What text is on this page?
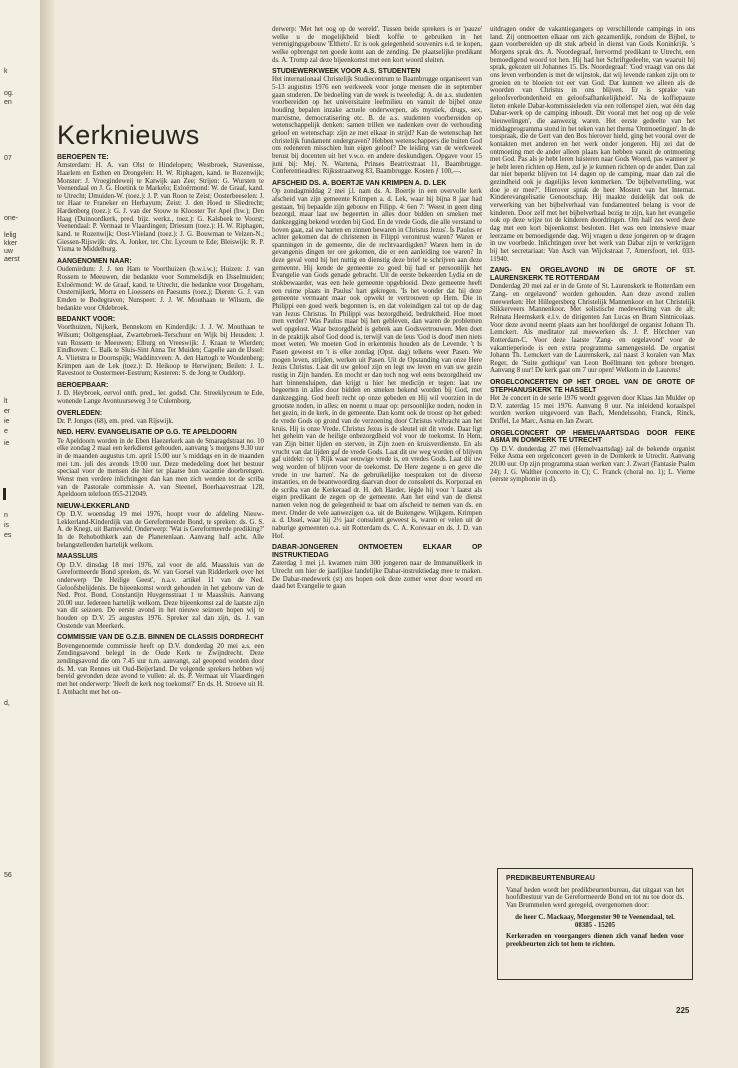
k
og.
en
07
one-
lelig
kker
uw
aerst
lt
er
ie
e
ie
n
is
es
d,
56
Kerknieuws
BEROEPEN TE:

Amsterdam: H. A. van Olst te Hindelopen; Westbroek, Stavenisse, Haarlem en Esthen en Drongelen: H. W. Riphagen, kand. te Rozenwijk; Monster: J. Vroegindeweij te Katwijk aan Zee; Strijen: G. Wursten te Veenendaal en J. G. Hoetink te Markelo; Exloërmond: W. de Graaf, kand. te Utrecht; IJmuiden-W. (toez.): J. P. van Roon te Zeist; Oosterbeeselen: J. ter Haar te Franeker en Herbayum; Zeist: J. den Hoed te Sliedrecht; Hardenberg (toez.): G. J. van der Stouw te Klooster Ter Apel (hw.); Den Haag (Duinoordkerk, pred. bijz. werkz., toez.): G. Kalsbeek te Voorst; Veenendaal: P. Vermaat te Vlaardingen; Driesum (toez.): H. W. Riphagen, kand. te Rozenwijk; Oost-Vlieland (toez.): J. G. Bouwman te Velzen-N.; Giessen-Rijswijk: drs. A. Jonker, ter. Chr. Lyceum te Ede; Bleiswijk: R. P. Yisma te Middelburg.

AANGENOMEN NAAR:

Oudemirdum: J. J. ten Ham te Voorthuizen (b.w.i.w.); Huizen: J. van Rossem te Meeuwen, die bedankte voor Sommelsdijk en IJsselmuiden; Exloërmond: W. de Graaf, kand. te Utrecht, die bedankte voor Drogeham, Oosternijkerk, Morra en Lioessens en Paesums (toez.); Dieren: G. J. van Emden te Bodegraven; Nunspeet: J. J. W. Mouthaan te Wilsum, die bedankte voor Oldebroek.

BEDANKT VOOR:

Voorthuizen, Nijkerk, Bennekom en Kinderdijk: J. J. W. Mouthaan te Wilsum; Ooltgensplaat, Zwartebroek-Terschuur en Wijk bij Heusden: J. van Rossem te Meeuwen; Elburg en Vreeswijk: J. Kraan te Wierden; Eindhoven: C. Balk te Sluis-Sint Anna Ter Muiden; Capelle aan de IJssel: A. Vlietstra te Doornspijk; Waddinxveen: A. den Hartogh te Woudenberg; Krimpen aan de Lek (toez.): D. Heikoop te Herwijnen; Beilen: J. L. Ravestoot te Oostermeer-Eestrum; Kesteren: S. de Jong te Ouddorp.

BEROEPBAAR:

J. D. Heybroek, eervol onth. pred., ler. godsd. Chr. Streeklyceum te Ede, wonende Lange Avontuurseweg 3 te Culemborg.

OVERLEDEN:

Dr. P. Jonges (68), em. pred. van Rijswijk.

NED. HERV. EVANGELISATIE OP G.G. TE APELDOORN

Te Apeldoorn worden in de Eben Haezerkerk aan de Smaragdstraat no. 10 elke zondag 2 maal een kerkdienst gehouden, aanvang 's morgens 9.30 uur in de maanden augustus t.m. april 15.00 uur 's middags en in de maanden mei t.m. juli des avonds 19.00 uur. Deze mededeling doet het bestuur speciaal voor de mensen die hier ter plaatse hun vacantie doorbrengen. Wenst men verdere inlichtingen dan kan men zich wenden tot de scriba van de Pastorale commissie A. van Steenel, Boerhaavestraat 128, Apeldoorn telefoon 055-212049.

NIEUW-LEKKERLAND

Op D.V. woensdag 19 mei 1976, hoopt voor de afdeling Nieuw-Lekkerland-Kinderdijk van de Gereformeerde Bond, te spreken: ds. G. S. A. de Knegt, uit Barneveld. Onderwerp: 'Wat is Gereformeerde prediking?' In de Rehobothkerk aan de Planetenlaan. Aanvang half acht. Alle belangstellenden hartelijk welkom.

MAASSLUIS

Op D.V. dinsdag 18 mei 1976, zal voor de afd. Maassluis van de Gereformeerde Bond spreken, ds. W. van Gorsel van Ridderkerk over het onderwerp 'De Heilige Geest', n.a.v. artikel 11 van de Ned. Geloofsbelijdenis. De bijeenkomst wordt gehouden in het gebouw van de Ned. Prot. Bond, Constantijn Huygensstraat 1 te Maassluis. Aanvang 20.00 uur. Iedereen hartelijk welkom. Deze bijeenkomst zal de laatste zijn van dit seizoen. De eerste avond in het nieuwe seizoen hopen wij te houden op D.V. 25 augustus 1976. Spreker zal dan zijn, ds. J. van Oostende van Meerkerk.

COMMISSIE VAN DE G.Z.B. BINNEN DE CLASSIS DORDRECHT

Bovengenoemde commissie heeft op D.V. donderdag 20 mei a.s. een Zendingsavond belegd in de Oude Kerk te Zwijndrecht. Deze zendingsavond die om 7.45 uur n.m. aanvangt, zal geopend worden door ds. M. van Rennes uit Oud-Beijerland. De volgende sprekers hebben wij bereid gevonden deze avond te vullen: al. ds. P. Vermaat uit Vlaardingen met het onderwerp: 'Heeft de kerk nog toekomst?' En ds. H. Stroeve uit H. I. Ambacht met het on-

derwerp: 'Met het oog op de wereld'. Tussen beide sprekers is er 'pauze' welke u de mogelijkheid biedt koffie te gebruiken in het verenigingsgebouw 'Eltheto'. Er is ook gelegenheid souvenirs e.d. te kopen, welke opbrengst ten goede komt aan de zending. De plaatselijke predikant ds. A. Tromp zal deze bijeenkomst met een kort woord sluiten.

STUDIEWERKWEEK VOOR A.S. STUDENTEN

Het internationaal Christelijk Studiecentrum te Baambrugge organiseert van 5-13 augustus 1976 een werkweek voor jonge mensen die in september gaan studeren. De bedoeling van de week is tweeledig: A. de a.s. studenten voorbereiden op het universitaire leefmilieu en vanuit de bijbel onze houding bepalen inzake actuele onderwerpen, als mystiek, drugs, sex, marxisme, democratisering etc. B. de a.s. studenten voorbereiden op wetenschappelijk denken: samen trillen we nadenken over de verhouding geloof en wetenschap: zijn ze met elkaar in strijd? Kan de wetenschap het christelijk fundament ondergraven? Hebben wetenschappers die buiten God om redeneren misschien hun eigen geloof? De leiding van de werkweek berust bij docenten uit het v.w.o. en andere deskundigen. Opgave voor 15 juni bij: Mej. N. Wartena, Prinses Beatrixstraat 11, Baambrugge. Conferentieadres: Rijksstraatweg 83, Baambrugge. Kosten ƒ 100,—.

AFSCHEID DS. A. BOERTJE VAN KRIMPEN A. D. LEK

Op zondagmiddag 2 mei j.l. nam ds. A. Boertje in een overvolle kerk afscheid van zijn gemeente Krimpen a. d. Lek, waar hij bijna 8 jaar had gestaan, 'bij bepaalde zijn gebouw en Filipp. 4: 6en 7: 'Weest in geen ding bezorgd, maar laat uw begeerten in alles door bidden en smeken met dankzegging bekend worden bij God. En de vrede Gods, die alle verstand te boven gaat, zal uw harten en zinnen bewaren in Christus Jezus'. Ís Paulus er achter gekomen dat de christenen in Filippi verontrust waren? Waren er spanningen in de gemeente, die de rechtvaardigden? Waren hem in de gevangenis dingen ter ore gekomen, die er een aanleiding toe waren? In deze geval vond hij het nuttig en dienstig deze brief te schrijven aan deze gemeente. Hij kende de gemeente zo goed bij had er persoonlijk het Evangelie van Gods genade gebracht. Uit de eerste bekeerden Lydia en de stokbewaarder, was een hele gemeente opgebloeid. Deze gemeente heeft een ruime plaats in Paulus' hart gekregen. 'Is het wonder dat hij deze gemeente vermaant maar ook opwekt te vertrouwen op Hem. Die in Philippi een goed werk begonnen is, en dat voleindigen zal tot op de dag van Jezus Christus. In Philippi was bezorgdheid, bedruktheid. Hoe moet men verder? Was Paulus maar bij hen gebleven, dan waren de problemen wel opgelost. Waar bezorgdheid is gebrek aan Godsvertrouwen. Men doet in de praktijk alsof God dood is, terwijl van de leus 'God is dood' men niets moet weten. We moeten God in erkentenis houden als de Levende. 't Is Pasen geweest en 't is elke zondag (Opst. dag) telkens weer Pasen. We mogen leven, strijden, werken uit Pasen. Uit de Opstanding van onze Here Jezus Christus. Laat dit uw geloof zijn en legt uw leven en van uw gezin rustig in Zijn handen. En mocht er dan toch nog wel eens bezorgdheid uw hart binnensluipen, dan krijgt u hier het medicijn er tegen: laat uw begeerten in alles door bidden en smeken bekend worden bij God, met dankzegging. God heeft recht op onze gebeden en Hij wil voorzien in de grootste noden, in alles: en noemt u maar op: persoonlijke noden, noden in het gezin, in de kerk, in de gemeente. Dan komt ook de troost op het gebed: de vrede Gods op grond van de verzoening door Christus volbracht aan het kruis. Hij is onze Vrede. Christus Jezus is de sleutel uit dit vrede. Daar ligt het geheim van de heilige onbezorgdheid vol voor de toekomst. In Hem, van Zijn bitter lijden en sterven, in Zijn zoen en kruisverdienste. En als vrucht van dat lijden gaf de vrede Gods. Laat dit uw weg worden of blijven gaf uitdekt: op 't Rijk waar eeuwige vrede is, en vredes Gods. Laat dit uw weg worden of blijven voor de toekomst. De Here zegene u en geve die vrede in uw harten'. Na de gebruikelijke toespraken tot de diverse instanties, en de beantwoording daarvan door de consulent ds. Korporaal en de scriba van de Kerkeraad dr. H. deh Harder, légde hij voor 't laatst als eigen predikant de zegen op de gemeente. Aan het eind van de dienst namen velen nog de gelegenheid te baat om afscheid te nemen van ds. en mevr. Onder de vele aanwezigen o.a. uit de Buitengew. Wijkgem. Krimpen a. d. IJssel, waar hij 2½ jaar consulent geweest is, waren er velen uit de naburige gemeenten o.a. uit Rotterdam ds. C. A. Korevaar en ds. J. D. van Hof.

DABAR-JONGEREN ONTMOETEN ELKAAR OP INSTRUKTIEDAG

Zaterdag 1 mei j.l. kwamen ruim 300 jongeren naar de Immanuëlkerk in Utrecht om hier de jaarlijkse landelijke Dabar-instruktiedag mee te maken. De Dabar-medewerk (st) ers hopen ook deze zomer weer door woord en daad het Evangelie te gaan

uitdragen onder de vakantiegangers op verschillende campings in ons land. Zij ontmoetten elkaar om zich gezamenlijk, rondom de Bijbel, te gaan voorbereiden op dit stuk arbeid in dienst van Gods Koninkrijk. 's Morgens sprak drs. A. Noordegraaf, hervormd predikant te Utrecht, een bemoedigend woord tot hen. Hij had het Schriftgedeelte, van waaruit hij sprak, gekozen uit Johannes 15. Ds. Noordegraaf: 'God vraagt van ons dat ons leven verbonden is met de wijnstok, dat wij levende ranken zijn om te groeien en te bloeien tot eer van God. Dat kunnen we alleen als de woorden van Christus in ons blijven. Er is sprake van geloofsverbondenheid en geloofsafhankelijkheid'. Na de koffiepauze lieten enkele Dabar-kommissieleden via een rollenspel zien, wat één dag Dabar-werk op de camping inhoudt. Dit vooral met het oog op de vele 'nieuwelingen', die aanwezig waren. Het eerste gedeelte van het middagprogramma stond in het teken van het thema 'Ontmoetingen'. In de toespraak, die de Gert van den Bos hierover hield, ging het vooral over de kontakten met anderen en het werk onder jongeren. Hij zei dat de ontmoeting met de ander alleen plaats kan hebben vanuit de ontmoeting met God. Pas als je hebt leren luisteren naar Gods Woord, pas wanneer je je hebt leren richten op Hem, zul je je kunnen richten op de ander. Dan zal dat niet beperkt blijven tot 14 dagen op de camping, maar dan zal die gezindheid ook je dagelijks leven kenmerken. 'De bijbelvertelling, wat doe je er mee?'. Hierover sprak de heer Mostert van het Internat. Kinderevangelisatie Genootschap. Hij maakte duidelijk dat ook de verwerking van het bijbelverhaal van fundamenteel belang is voor de kinderen. Door zelf met het bijbelverhaal bezig te zijn, kan het evangelie ook op deze wijze tot de kinderen doordringen. Om half zes werd deze dag met een kort bijeenkomst besloten. Het was een intensieve maar leerzame en bemoedigende dag. Wij vragen u deze jongeren op te dragen in uw voorbede. Inlichtingen over het werk van Dabar zijn te verkrijgen bij het secretariaat: Van Asch van Wijckstraat 7, Amersfoort, tel. 033-11940.

ZANG- EN ORGELAVOND IN DE GROTE OF ST. LAURENSKERK TE ROTTERDAM

Donderdag 20 mei zal er in de Grote of St. Laurenskerk te Rotterdam een 'Zang- en orgelavond' worden gehouden. Aan deze avond zullen meewerken: Het Hillegersberg Christelijk Mannenkoor en het Christelijk Slikkerveers Mannenkoor. Met solistische medewerking van de alt; Relnata Heemskerk e.l.v. de dirigenten Jan Lucas en Bram Sintnicolaas. Voor deze avond neemt plaats aan het hoofdorgel de organist Johann Th. Lemckert. Als meditator zal meewerken ds. J. P. Hörchner van Rotterdam-C. Voor deze laatste 'Zang- en orgelavond' voor de vakantieperiode is een extra programma samengesteld. De organist Johann Th. Lemckert van de Laurenskerk, zal naast 3 koralen van Max Reger, de 'Suite gothique' van Leon Boëllmann ten gehore brengen. Aanvang 8 uur! De kerk gaat om 7 uur open! Welkom in de Laurens!

ORGELCONCERTEN OP HET ORGEL VAN DE GROTE OF STEPHANUSKERK TE HASSELT

Het 2e concert in de serie 1976 wordt gegeven door Klaas Jan Mulder op D.V. zaterdag 15 mei 1976. Aanvang 8 uur. Na inleidend koraalspel worden werken uitgevoerd van Bach, Mendelssohn, Franck, Rinck, Driffel, Le Marc, Asma en Jan Zwart.

ORGELCONCERT OP HEMELVAARTSDAG DOOR FEIKE ASMA IN DOMKERK TE UTRECHT

Op D.V. donderdag 27 mei (Hemelvaartsdag) zal de bekende organist Feike Asma een orgelconcert geven in de Domkerk te Utrecht. Aanvang 20.00 uur. Op zijn programma staan werken van: J. Zwart (Fantasie Psalm 24); J. G. Walther (concerto in C); C. Franck (choral no. 1); L. Vierne (eerste symphonie in d).

PREDIKBEURTENBUREAU

Vanaf heden wordt het predikbeurtenbureau, dat uitgaat van het hoofdbestuur van de Gereformeerde Bond en tot nu toe door ds. Van Brummelen werd geregeld, overgenomen door:

de heer C. Mackaay, Morgenster 90 te Veenendaal, tel. 08385 - 15205

Kerkeraden en voorgangers dienen zich vanaf heden voor preekbeurten zich tot hem te richten.

225
